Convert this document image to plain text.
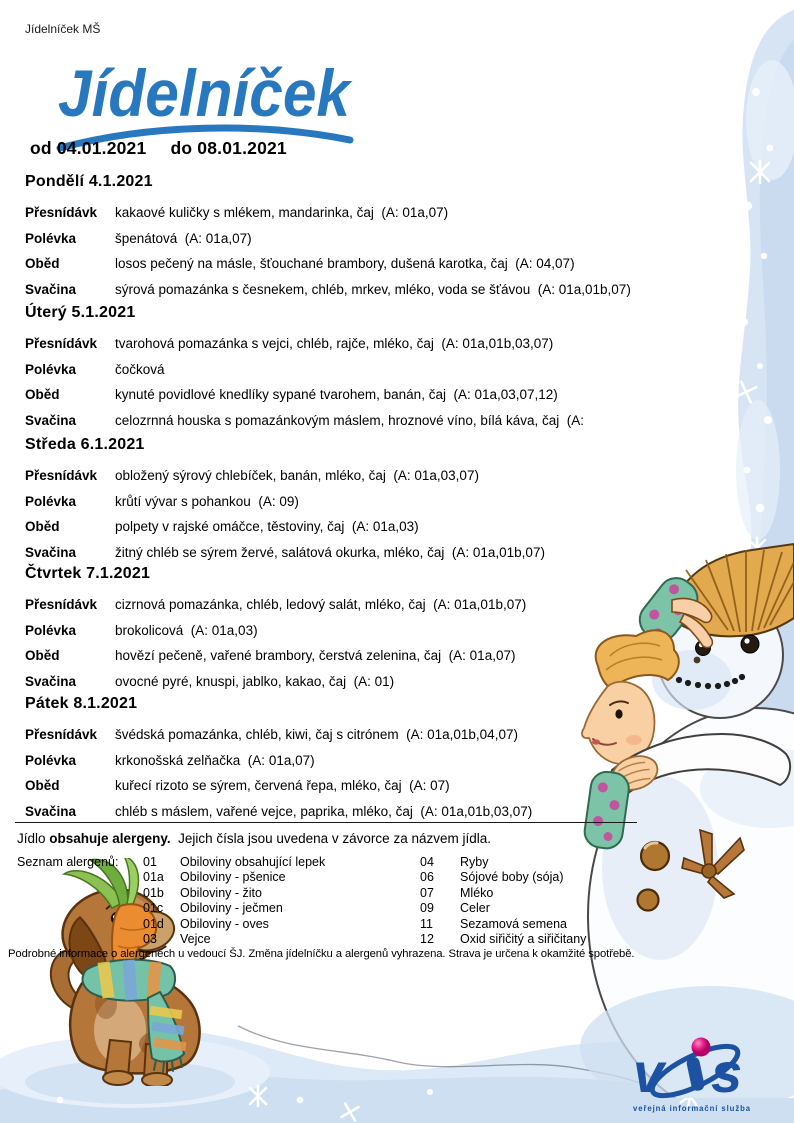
Jídelníček MŠ
Jídelníček
od 04.01.2021 do 08.01.2021
Pondělí 4.1.2021
Přesnídávk	kakaové kuličky s mlékem, mandarinka, čaj  (A: 01a,07)
Polévka	špenátová  (A: 01a,07)
Oběd	losos pečený na másle, šťouchané brambory, dušená karotka, čaj  (A: 04,07)
Svačina	sýrová pomazánka s česnekem, chléb, mrkev, mléko, voda se šťávou  (A: 01a,01b,07)
Úterý 5.1.2021
Přesnídávk	tvarohová pomazánka s vejci, chléb, rajče, mléko, čaj  (A: 01a,01b,03,07)
Polévka	čočková
Oběd	kynuté povidlové knedlíky sypané tvarohem, banán, čaj  (A: 01a,03,07,12)
Svačina	celozrnná houska s pomazánkovým máslem, hroznové víno, bílá káva, čaj  (A:
Středa 6.1.2021
Přesnídávk	obložený sýrový chlebíček, banán, mléko, čaj  (A: 01a,03,07)
Polévka	krůtí vývar s pohankou  (A: 09)
Oběd	polpety v rajské omáčce, těstoviny, čaj  (A: 01a,03)
Svačina	žitný chléb se sýrem žervé, salátová okurka, mléko, čaj  (A: 01a,01b,07)
Čtvrtek 7.1.2021
Přesnídávk	cizrnová pomazánka, chléb, ledový salát, mléko, čaj  (A: 01a,01b,07)
Polévka	brokolicová  (A: 01a,03)
Oběd	hovězí pečeně, vařené brambory, čerstvá zelenina, čaj  (A: 01a,07)
Svačina	ovocné pyré, knuspi, jablko, kakao, čaj  (A: 01)
Pátek 8.1.2021
Přesnídávk	švédská pomazánka, chléb, kiwi, čaj s citrónem  (A: 01a,01b,04,07)
Polévka	krkonošská zelňačka  (A: 01a,07)
Oběd	kuřecí rizoto se sýrem, červená řepa, mléko, čaj  (A: 07)
Svačina	chléb s máslem, vařené vejce, paprika, mléko, čaj  (A: 01a,01b,03,07)
Jídlo obsahuje alergeny.  Jejich čísla jsou uvedena v závorce za názvem jídla.
Seznam alergenů:	01	Obiloviny obsahující lepek	04	Ryby
01a	Obiloviny - pšenice	06	Sójové boby (sója)
01b	Obiloviny - žito	07	Mléko
01c	Obiloviny - ječmen	09	Celer
01d	Obiloviny - oves	11	Sezamová semena
03	Vejce	12	Oxid siřičitý a siřičitany
Podrobné informace o alergenech u vedoucí ŠJ. Změna jídelníčku a alergenů vyhrazena. Strava je určena k okamžité spotřebě.
v s
veřejná informační služba
